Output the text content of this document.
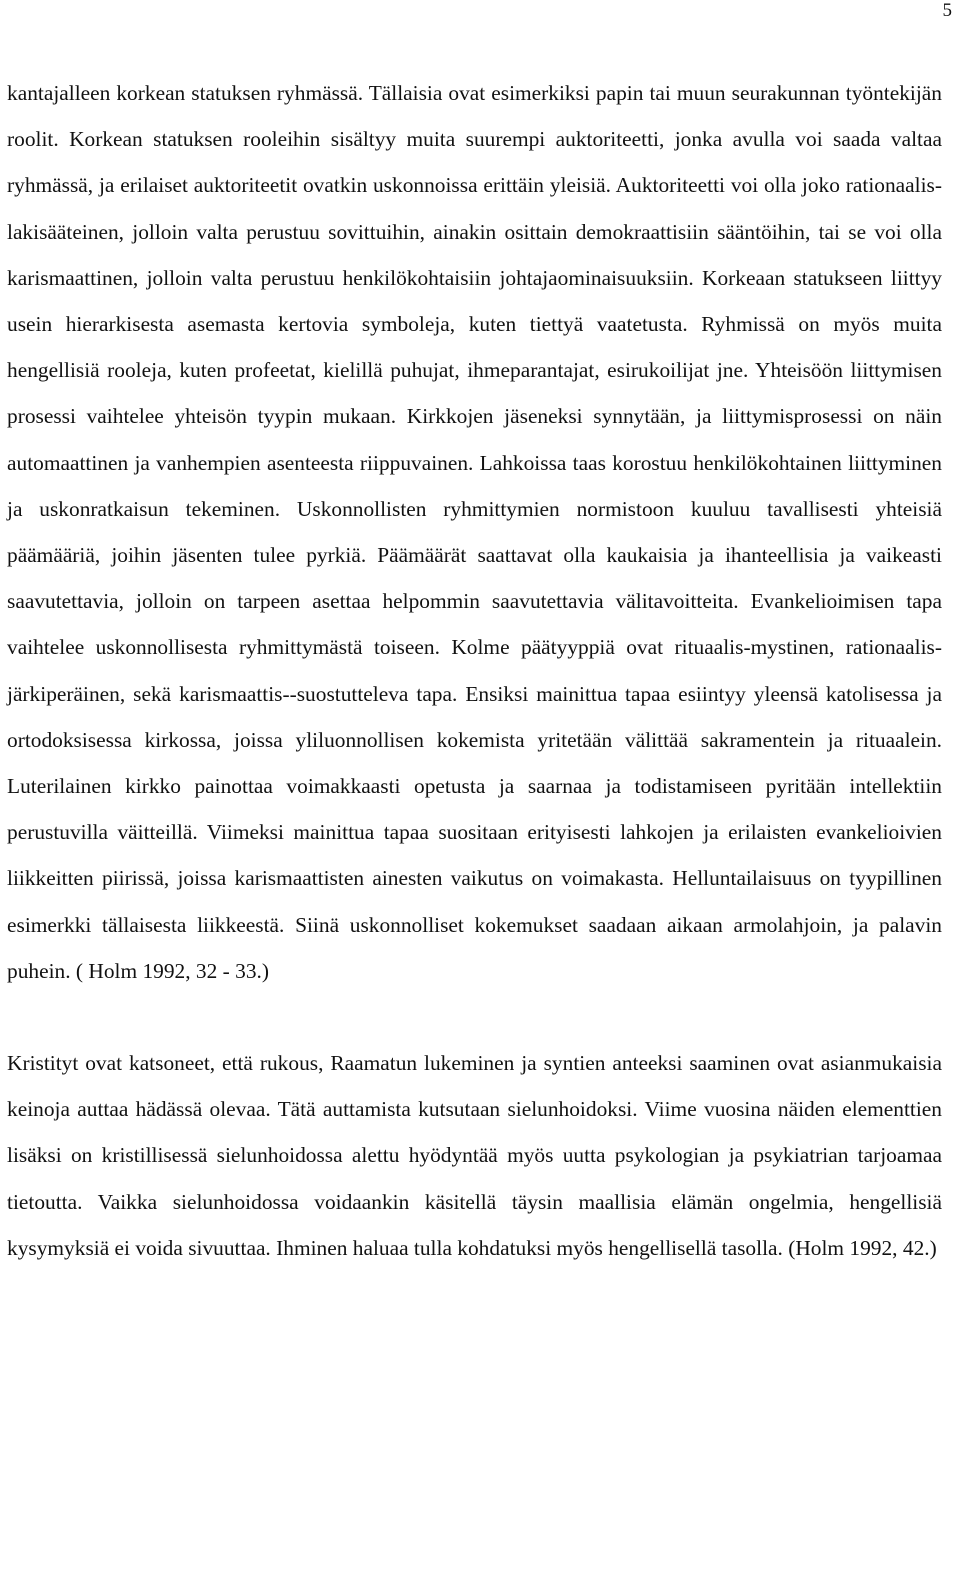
5

kantajalleen korkean statuksen ryhmässä. Tällaisia ovat esimerkiksi papin tai muun seurakunnan työntekijän roolit. Korkean statuksen rooleihin sisältyy muita suurempi auktoriteetti, jonka avulla voi saada valtaa ryhmässä, ja erilaiset auktoriteetit ovatkin uskonnoissa erittäin yleisiä. Auktoriteetti voi olla joko rationaalis-lakisääteinen, jolloin valta perustuu sovittuihin, ainakin osittain demokraattisiin sääntöihin, tai se voi olla karismaattinen, jolloin valta perustuu henkilökohtaisiin johtajaominaisuuksiin. Korkeaan statukseen liittyy usein hierarkisesta asemasta kertovia symboleja, kuten tiettyä vaatetusta. Ryhmissä on myös muita hengellisiä rooleja, kuten profeetat, kielillä puhujat, ihmeparantajat, esirukoilijat jne. Yhteisöön liittymisen prosessi vaihtelee yhteisön tyypin mukaan. Kirkkojen jäseneksi synnytään, ja liittymisprosessi on näin automaattinen ja vanhempien asenteesta riippuvainen. Lahkoissa taas korostuu henkilökohtainen liittyminen ja uskonratkaisun tekeminen. Uskonnollisten ryhmittymien normistoon kuuluu tavallisesti yhteisiä päämääriä, joihin jäsenten tulee pyrkiä. Päämäärät saattavat olla kaukaisia ja ihanteellisia ja vaikeasti saavutettavia, jolloin on tarpeen asettaa helpommin saavutettavia välitavoitteita. Evankelioimisen tapa vaihtelee uskonnollisesta ryhmittymästä toiseen. Kolme päätyyppiä ovat rituaalis-mystinen, rationaalis-järkiperäinen, sekä karismaattis--suostutteleva tapa. Ensiksi mainittua tapaa esiintyy yleensä katolisessa ja ortodoksisessa kirkossa, joissa yliluonnollisen kokemista yritetään välittää sakramentein ja rituaalein. Luterilainen kirkko painottaa voimakkaasti opetusta ja saarnaa ja todistamiseen pyritään intellektiin perustuvilla väitteillä. Viimeksi mainittua tapaa suositaan erityisesti lahkojen ja erilaisten evankelioivien liikkeitten piirissä, joissa karismaattisten ainesten vaikutus on voimakasta. Helluntailaisuus on tyypillinen esimerkki tällaisesta liikkeestä. Siinä uskonnolliset kokemukset saadaan aikaan armolahjoin, ja palavin puhein. ( Holm 1992, 32 - 33.)

Kristityt ovat katsoneet, että rukous, Raamatun lukeminen ja syntien anteeksi saaminen ovat asianmukaisia keinoja auttaa hädässä olevaa. Tätä auttamista kutsutaan sielunhoidoksi. Viime vuosina näiden elementtien lisäksi on kristillisessä sielunhoidossa alettu hyödyntää myös uutta psykologian ja psykiatrian tarjoamaa tietoutta. Vaikka sielunhoidossa voidaankin käsitellä täysin maallisia elämän ongelmia, hengellisiä kysymyksiä ei voida sivuuttaa. Ihminen haluaa tulla kohdatuksi myös hengellisellä tasolla. (Holm 1992, 42.)
